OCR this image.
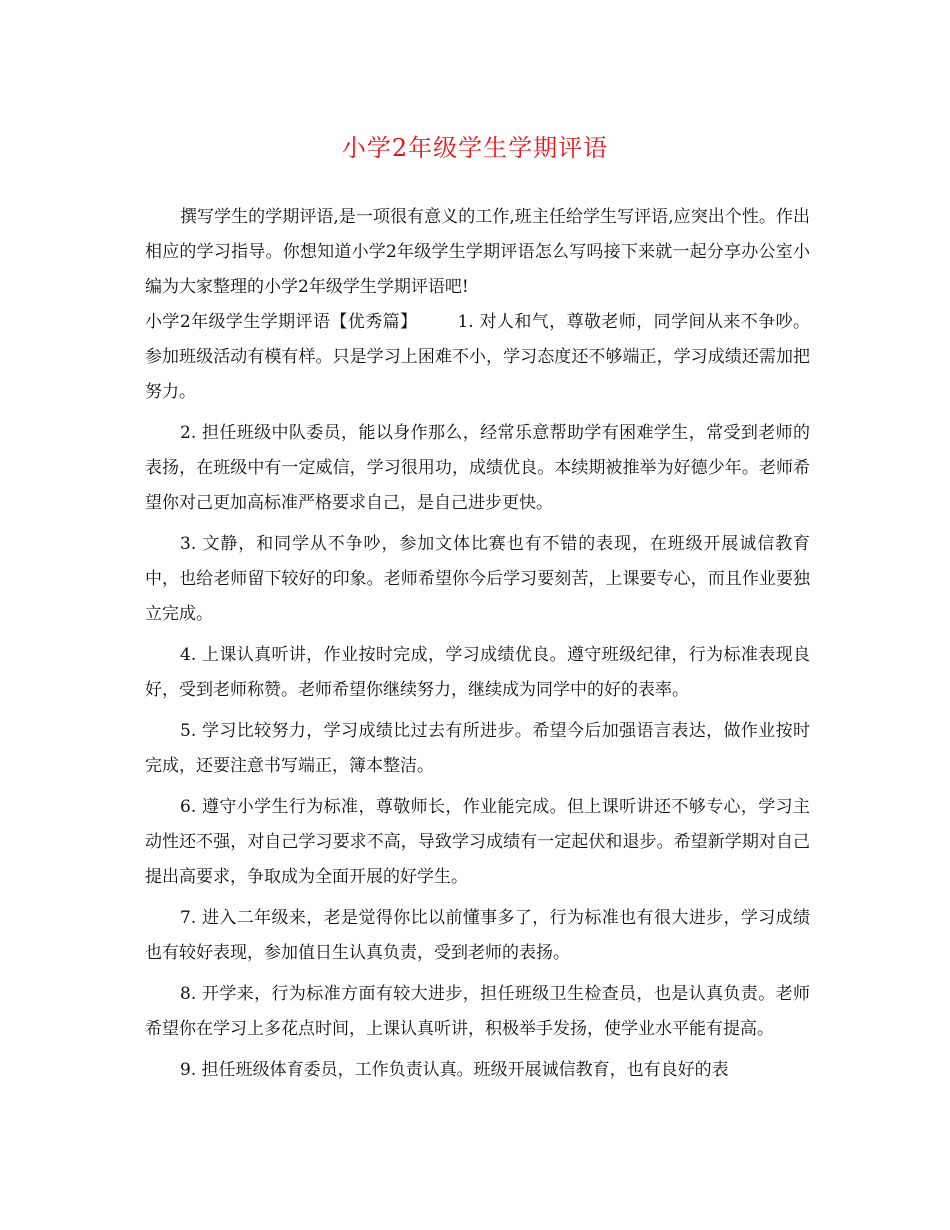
小学2年级学生学期评语

撰写学生的学期评语,是一项很有意义的工作,班主任给学生写评语,应突出个性。作出相应的学习指导。你想知道小学2年级学生学期评语怎么写吗接下来就一起分享办公室小编为大家整理的小学2年级学生学期评语吧!

小学2年级学生学期评语【优秀篇】 1. 对人和气，尊敬老师，同学间从来不争吵。参加班级活动有模有样。只是学习上困难不小，学习态度还不够端正，学习成绩还需加把努力。

2. 担任班级中队委员，能以身作那么，经常乐意帮助学有困难学生，常受到老师的表扬，在班级中有一定威信，学习很用功，成绩优良。本续期被推举为好德少年。老师希望你对己更加高标准严格要求自己，是自己进步更快。

3. 文静，和同学从不争吵，参加文体比赛也有不错的表现，在班级开展诚信教育中，也给老师留下较好的印象。老师希望你今后学习要刻苦，上课要专心，而且作业要独立完成。

4. 上课认真听讲，作业按时完成，学习成绩优良。遵守班级纪律，行为标准表现良好，受到老师称赞。老师希望你继续努力，继续成为同学中的好的表率。

5. 学习比较努力，学习成绩比过去有所进步。希望今后加强语言表达，做作业按时完成，还要注意书写端正，簿本整洁。

6. 遵守小学生行为标准，尊敬师长，作业能完成。但上课听讲还不够专心，学习主动性还不强，对自己学习要求不高，导致学习成绩有一定起伏和退步。希望新学期对自己提出高要求，争取成为全面开展的好学生。

7. 进入二年级来，老是觉得你比以前懂事多了，行为标准也有很大进步，学习成绩也有较好表现，参加值日生认真负责，受到老师的表扬。

8. 开学来，行为标准方面有较大进步，担任班级卫生检查员，也是认真负责。老师希望你在学习上多花点时间，上课认真听讲，积极举手发扬，使学业水平能有提高。

9. 担任班级体育委员，工作负责认真。班级开展诚信教育，也有良好的表
